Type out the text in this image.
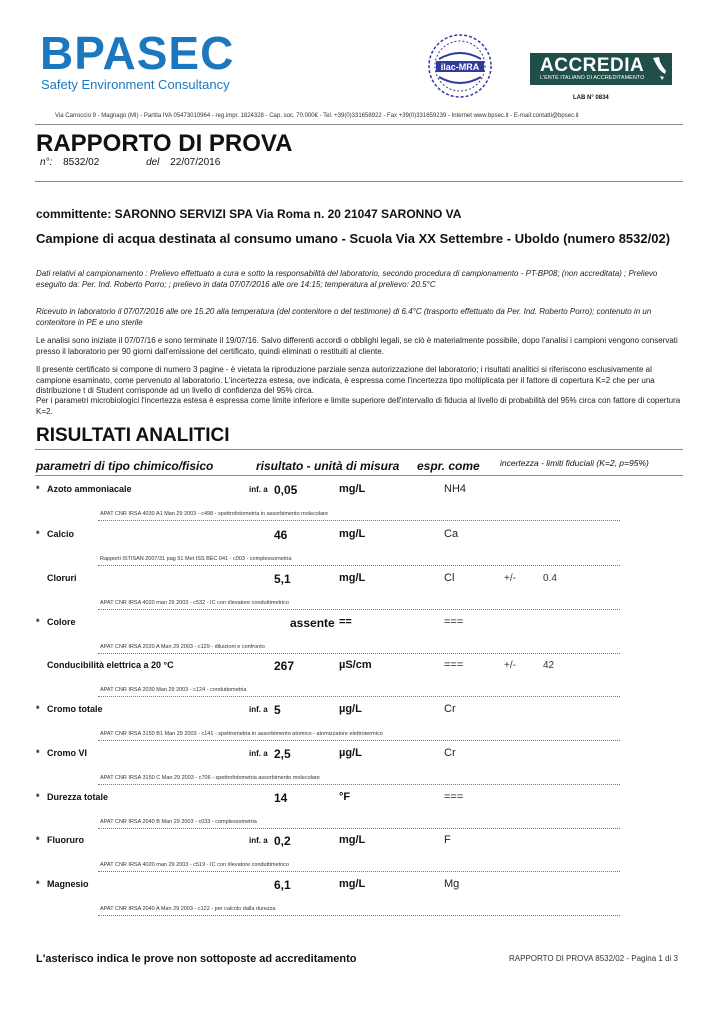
BPASEC
Safety Environment Consultancy
ilac-MRA	ACCREDIA
L'ENTE ITALIANO DI ACCREDITAMENTO
LAB N° 0834
Via Carroccio 9 - Magnago (MI) - Partita IVA 05473010964 - reg.impr. 1824328 - Cap. soc. 70.000€ - Tel. +39(0)331658922 - Fax +39(0)331659239 - Internet www.bpsec.it - E-mail:contatti@bpsec.it
RAPPORTO DI PROVA
n°: 8532/02	del 22/07/2016
committente: SARONNO SERVIZI SPA Via Roma n. 20 21047 SARONNO VA
Campione di acqua destinata al consumo umano - Scuola Via XX Settembre - Uboldo (numero 8532/02)
Dati relativi al campionamento : Prelievo effettuato a cura e sotto la responsabilità del laboratorio, secondo procedura di campionamento - PT-BP08; (non accreditata) ; Prelievo eseguito da: Per. Ind. Roberto Porro; ; prelievo in data 07/07/2016 alle ore 14:15; temperatura al prelievo: 20.5°C
Ricevuto in laboratorio il 07/07/2016 alle ore 15.20 alla temperatura (del contenitore o del testimone) di 6.4°C (trasporto effettuato da Per. Ind. Roberto Porro); contenuto in un contenitore in PE e uno sterile
Le analisi sono iniziate il 07/07/16 e sono terminate il 19/07/16. Salvo differenti accordi o obblighi legali, se ciò è materialmente possibile, dopo l'analisi i campioni vengono conservati presso il laboratorio per 90 giorni dall'emissione del certificato, quindi eliminati o restituiti al cliente.
Il presente certificato si compone di numero 3 pagine - è vietata la riproduzione parziale senza autorizzazione del laboratorio; i risultati analitici si riferiscono esclusivamente al campione esaminato, come pervenuto al laboratorio. L'incertezza estesa, ove indicata, è espressa come l'incertezza tipo moltiplicata per il fattore di copertura K=2 che per una distribuzione t di Student corrisponde ad un livello di confidenza del 95% circa.
Per i parametri microbiologici l'incertezza estesa è espressa come limite inferiore e limite superiore dell'intervallo di fiducia al livello di probabilità del 95% circa con fattore di copertura K=2.
RISULTATI ANALITICI
parametri di tipo chimico/fisico	risultato - unità di misura espr. come incertezza - limiti fiduciali (K=2, p=95%)
* Azoto ammoniacale	inf. a 0,05	mg/L	NH4
APAT CNR IRSA 4030 A1 Man 29 2003 - c498 - spettrofotometria in assorbimento molecolare
* Calcio	46	mg/L	Ca
Rapporti ISTISAN 2007/31 pag 51 Met ISS BEC 041 - c003 - complessometria
Cloruri	5,1	mg/L	Cl	+/-	0.4
APAT CNR IRSA 4020 man 29 2003 - c532 - IC con rilevatore conduttimetrico
* Colore	assente ==	===
APAT CNR IRSA 2020 A Man 29 2003 - c129 - diluizioni e confronto
Conducibilità elettrica a 20 °C	267	µS/cm	===	+/-	42
APAT CNR IRSA 2030 Man 29 2003 - c124 - conduttometria
* Cromo totale	inf. a 5	µg/L	Cr
APAT CNR IRSA 3150 B1 Man 29 2003 - c141 - spettrometria in assorbimento atomico - atomizzatore elettrotermico
* Cromo VI	inf. a 2,5	µg/L	Cr
APAT CNR IRSA 3150 C Man 29 2003 - c706 - spettrofotometria assorbimento molecolare
* Durezza totale	14	°F	===
APAT CNR IRSA 2040 B Man 29 2003 - c033 - complessometria
* Fluoruro	inf. a 0,2	mg/L	F
APAT CNR IRSA 4020 man 29 2003 - c519 - IC con rilevatore conduttimetrico
* Magnesio	6,1	mg/L	Mg
APAT CNR IRSA 2040 A Man 29 2003 - c122 - per calcolo dalla durezza
L'asterisco indica le prove non sottoposte ad accreditamento	RAPPORTO DI PROVA 8532/02 - Pagina 1 di 3
